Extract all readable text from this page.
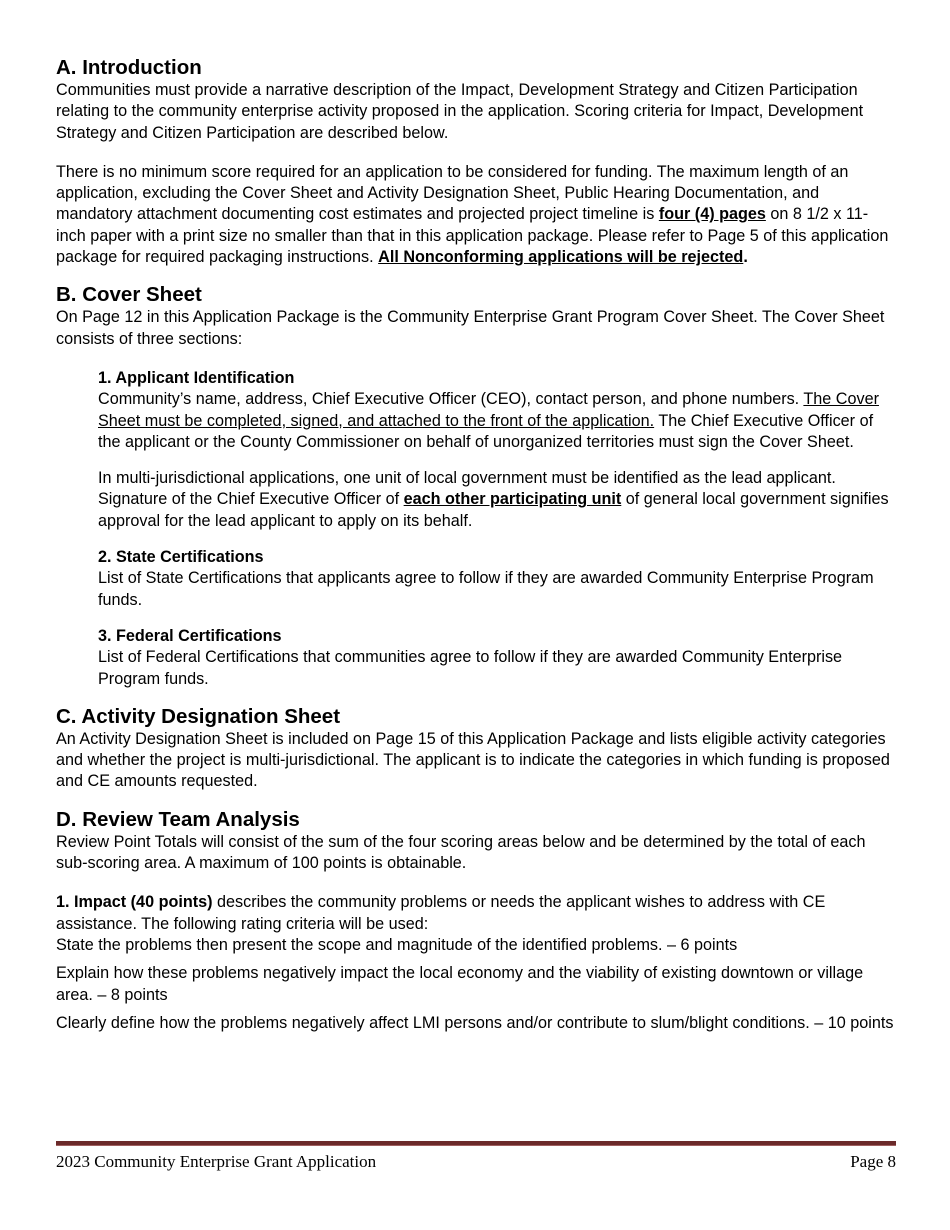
A. Introduction

Communities must provide a narrative description of the Impact, Development Strategy and Citizen Participation relating to the community enterprise activity proposed in the application. Scoring criteria for Impact, Development Strategy and Citizen Participation are described below.

There is no minimum score required for an application to be considered for funding. The maximum length of an application, excluding the Cover Sheet and Activity Designation Sheet, Public Hearing Documentation, and mandatory attachment documenting cost estimates and projected project timeline is four (4) pages on 8 1/2 x 11-inch paper with a print size no smaller than that in this application package. Please refer to Page 5 of this application package for required packaging instructions. All Nonconforming applications will be rejected.

B. Cover Sheet

On Page 12 in this Application Package is the Community Enterprise Grant Program Cover Sheet. The Cover Sheet consists of three sections:

1. Applicant Identification

Community’s name, address, Chief Executive Officer (CEO), contact person, and phone numbers. The Cover Sheet must be completed, signed, and attached to the front of the application. The Chief Executive Officer of the applicant or the County Commissioner on behalf of unorganized territories must sign the Cover Sheet.

In multi-jurisdictional applications, one unit of local government must be identified as the lead applicant. Signature of the Chief Executive Officer of each other participating unit of general local government signifies approval for the lead applicant to apply on its behalf.

2. State Certifications

List of State Certifications that applicants agree to follow if they are awarded Community Enterprise Program funds.

3. Federal Certifications

List of Federal Certifications that communities agree to follow if they are awarded Community Enterprise Program funds.

C. Activity Designation Sheet

An Activity Designation Sheet is included on Page 15 of this Application Package and lists eligible activity categories and whether the project is multi-jurisdictional. The applicant is to indicate the categories in which funding is proposed and CE amounts requested.

D. Review Team Analysis

Review Point Totals will consist of the sum of the four scoring areas below and be determined by the total of each sub-scoring area. A maximum of 100 points is obtainable.

1. Impact (40 points) describes the community problems or needs the applicant wishes to address with CE assistance. The following rating criteria will be used:

State the problems then present the scope and magnitude of the identified problems. – 6 points

Explain how these problems negatively impact the local economy and the viability of existing downtown or village area. – 8 points

Clearly define how the problems negatively affect LMI persons and/or contribute to slum/blight conditions. – 10 points

2023 Community Enterprise Grant Application	Page 8
